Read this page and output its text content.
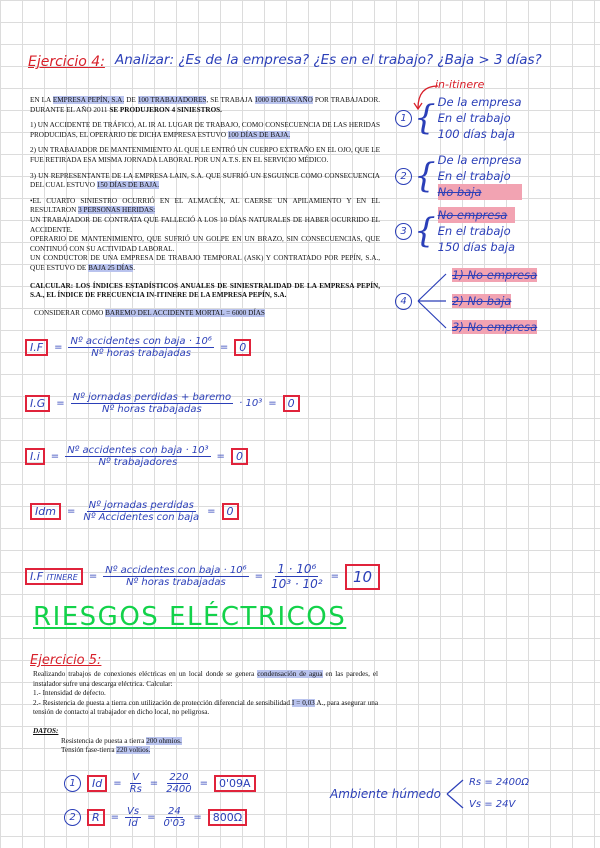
Ejercicio 4: Analizar: ¿Es de la empresa? ¿Es en el trabajo? ¿Baja > 3 días?
EN LA EMPRESA PEPÍN, S.A. DE 100 TRABAJADORES, SE TRABAJA 1000 HORAS/AÑO POR TRABAJADOR. DURANTE EL AÑO 2011 SE PRODUJERON 4 SINIESTROS.
1) UN ACCIDENTE DE TRÁFICO, AL IR AL LUGAR DE TRABAJO, COMO CONSECUENCIA DE LAS HERIDAS PRODUCIDAS, EL OPERARIO DE DICHA EMPRESA ESTUVO 100 DÍAS DE BAJA.
2) UN TRABAJADOR DE MANTENIMIENTO AL QUE LE ENTRÓ UN CUERPO EXTRAÑO EN EL OJO, QUE LE FUE RETIRADA ESA MISMA JORNADA LABORAL POR UN A.T.S. EN EL SERVICIO MÉDICO.
3) UN REPRESENTANTE DE LA EMPRESA LAIN, S.A. QUE SUFRIÓ UN ESGUINCE COMO CONSECUENCIA DEL CUAL ESTUVO 150 DÍAS DE BAJA.
•EL CUARTO SINIESTRO OCURRIÓ EN EL ALMACÉN, AL CAERSE UN APILAMIENTO Y EN EL RESULTARON 3 PERSONAS HERIDAS:
UN TRABAJADOR DE CONTRATA QUE FALLECIÓ A LOS 10 DÍAS NATURALES DE HABER OCURRIDO EL ACCIDENTE.
OPERARIO DE MANTENIMIENTO, QUE SUFRIÓ UN GOLPE EN UN BRAZO, SIN CONSECUENCIAS, QUE CONTINUÓ CON SU ACTIVIDAD LABORAL.
UN CONDUCTOR DE UNA EMPRESA DE TRABAJO TEMPORAL (ASK) Y CONTRATADO POR PEPÍN, S.A., QUE ESTUVO DE BAJA 25 DÍAS.
CALCULAR: LOS ÍNDICES ESTADÍSTICOS ANUALES DE SINIESTRALIDAD DE LA EMPRESA PEPÍN, S.A., EL ÍNDICE DE FRECUENCIA IN-ITINERE DE LA EMPRESA PEPÍN, S.A.
CONSIDERAR COMO BAREMO DEL ACCIDENTE MORTAL = 6000 DÍAS
in-itinere
1 { De la empresa
En el trabajo
100 días baja
2 { De la empresa
En el trabajo
No baja
3 { No empresa
En el trabajo
150 días baja
4
1) No empresa
2) No baja
3) No empresa
I.F	= $\frac{\text{Nº accidentes con baja · 10⁶}}{\text{Nº horas trabajadas}}$ =	0
I.G	= $\frac{\text{Nº jornadas perdidas + baremo}}{\text{Nº horas trabajadas}} \cdot 10^3$ =	0
I.i	= $\frac{\text{Nº accidentes con baja · 10³}}{\text{Nº trabajadores}}$ =	0
Idm	= $\frac{\text{Nº jornadas perdidas}}{\text{Nº Accidentes con baja}}$ =	0
I.F ITINERE	= $\frac{\text{Nº accidentes con baja · 10⁶}}{\text{Nº horas trabajadas}} = \frac{\text{1 · 10⁶}}{\text{10³ · 10²}} = 10$
RIESGOS ELÉCTRICOS
Ejercicio 5:
Realizando trabajos de conexiones eléctricas en un local donde se genera condensación de agua en las paredes, el instalador sufre una descarga eléctrica. Calcular:
1.- Intensidad de defecto.
2.- Resistencia de puesta a tierra con utilización de protección diferencial de sensibilidad I = 0,03 A., para asegurar una tensión de contacto al trabajador en dicho local, no peligrosa.
DATOS:
Resistencia de puesta a tierra 200 ohmios.
Tensión fase-tierra 220 voltios.
1	Id	= $\frac{V}{Rs} = \frac{220}{2400}$ =	0'09A
2	R	= $\frac{Vs}{Id} = \frac{24}{0'03}$ =	800Ω
Ambiente húmedo
Rs = 2400Ω
Vs = 24V
